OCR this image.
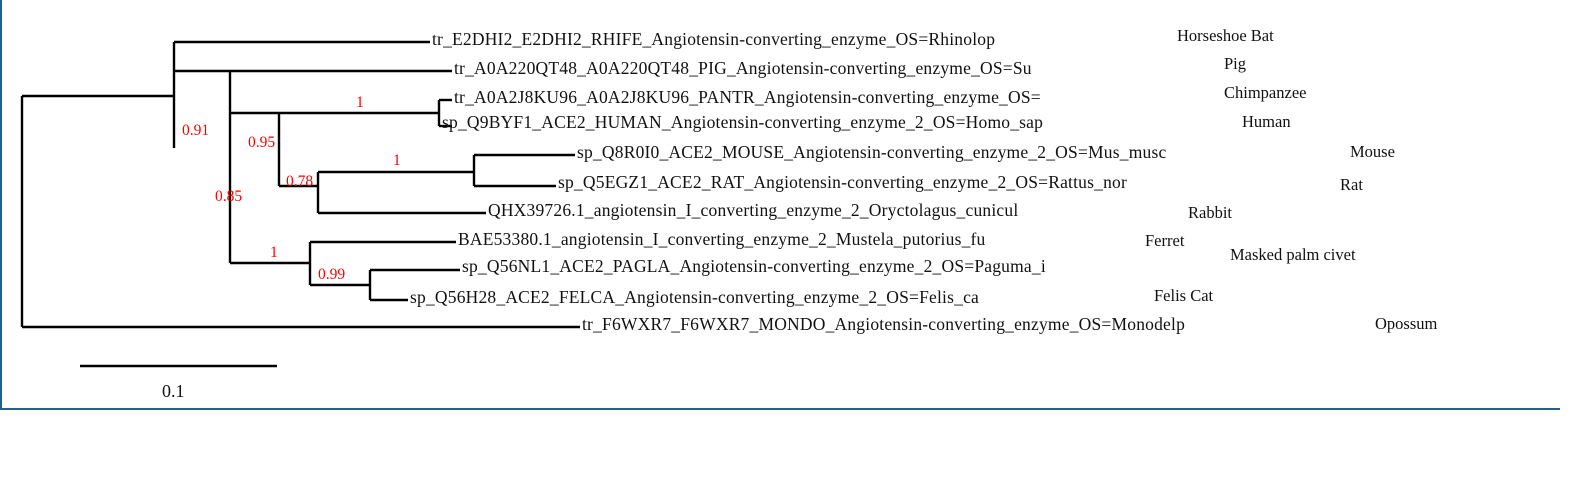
tr_E2DHI2_E2DHI2_RHIFE_Angiotensin-converting_enzyme_OS=Rhinolop
tr_A0A220QT48_A0A220QT48_PIG_Angiotensin-converting_enzyme_OS=Su
tr_A0A2J8KU96_A0A2J8KU96_PANTR_Angiotensin-converting_enzyme_OS=
sp_Q9BYF1_ACE2_HUMAN_Angiotensin-converting_enzyme_2_OS=Homo_sap
sp_Q8R0I0_ACE2_MOUSE_Angiotensin-converting_enzyme_2_OS=Mus_musc
sp_Q5EGZ1_ACE2_RAT_Angiotensin-converting_enzyme_2_OS=Rattus_nor
QHX39726.1_angiotensin_I_converting_enzyme_2_Oryctolagus_cunicul
BAE53380.1_angiotensin_I_converting_enzyme_2_Mustela_putorius_fu
sp_Q56NL1_ACE2_PAGLA_Angiotensin-converting_enzyme_2_OS=Paguma_i
sp_Q56H28_ACE2_FELCA_Angiotensin-converting_enzyme_2_OS=Felis_ca
tr_F6WXR7_F6WXR7_MONDO_Angiotensin-converting_enzyme_OS=Monodelp
Horseshoe Bat
Pig
Chimpanzee
Human
Mouse
Rat
Rabbit
Ferret
Masked palm civet
Felis Cat
Opossum
0.91
0.95
1
0.85
0.78
1
1
0.99
0.1
